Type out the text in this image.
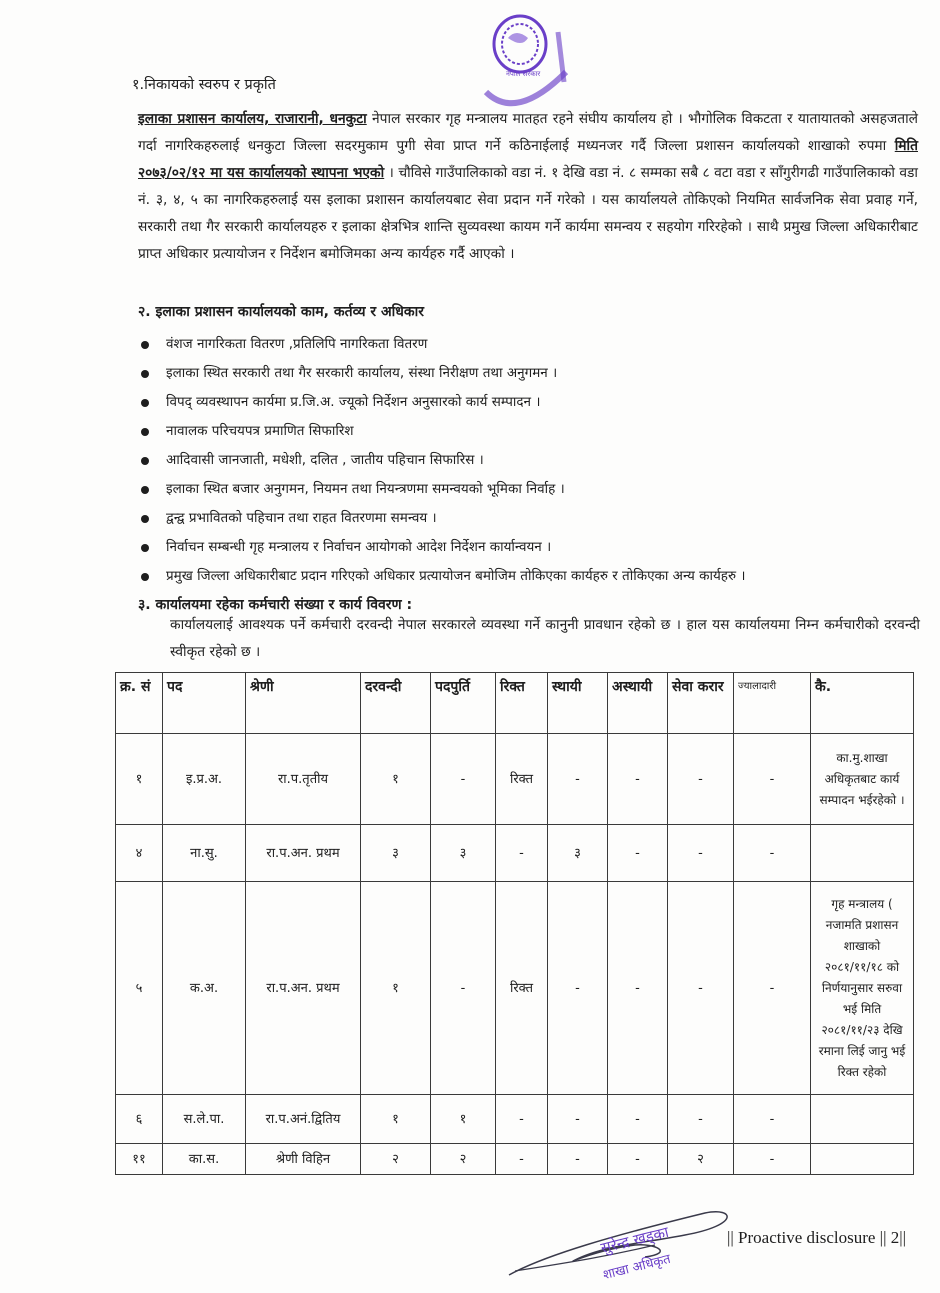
नेपाल सरकार
१.निकायको स्वरुप र प्रकृति
इलाका प्रशासन कार्यालय, राजारानी, धनकुटा नेपाल सरकार गृह मन्त्रालय मातहत रहने संघीय कार्यालय हो । भौगोलिक विकटता र यातायातको असहजताले गर्दा नागरिकहरुलाई धनकुटा जिल्ला सदरमुकाम पुगी सेवा प्राप्त गर्ने कठिनाईलाई मध्यनजर गर्दै जिल्ला प्रशासन कार्यालयको शाखाको रुपमा मिति २०७३/०२/१२ मा यस कार्यालयको स्थापना भएको । चौविसे गाउँपालिकाको वडा नं. १ देखि वडा नं. ८ सम्मका सबै ८ वटा वडा र साँगुरीगढी गाउँपालिकाको वडा नं. ३, ४, ५ का नागरिकहरुलाई यस इलाका प्रशासन कार्यालयबाट सेवा प्रदान गर्ने गरेको । यस कार्यालयले तोकिएको नियमित सार्वजनिक सेवा प्रवाह गर्ने, सरकारी तथा गैर सरकारी कार्यालयहरु र इलाका क्षेत्रभित्र शान्ति सुव्यवस्था कायम गर्ने कार्यमा समन्वय र सहयोग गरिरहेको । साथै प्रमुख जिल्ला अधिकारीबाट प्राप्त अधिकार प्रत्यायोजन र निर्देशन बमोजिमका अन्य कार्यहरु गर्दै आएको ।
२. इलाका प्रशासन कार्यालयको काम, कर्तव्य र अधिकार
वंशज नागरिकता वितरण ,प्रतिलिपि नागरिकता वितरण
इलाका स्थित सरकारी तथा गैर सरकारी कार्यालय, संस्था निरीक्षण तथा अनुगमन ।
विपद् व्यवस्थापन कार्यमा प्र.जि.अ. ज्यूको निर्देशन अनुसारको कार्य सम्पादन ।
नावालक परिचयपत्र प्रमाणित सिफारिश
आदिवासी जानजाती, मधेशी, दलित , जातीय पहिचान सिफारिस ।
इलाका स्थित बजार अनुगमन, नियमन तथा नियन्त्रणमा समन्वयको भूमिका निर्वाह ।
द्वन्द्व प्रभावितको पहिचान तथा राहत वितरणमा समन्वय ।
निर्वाचन सम्बन्धी गृह मन्त्रालय र निर्वाचन आयोगको आदेश निर्देशन कार्यान्वयन ।
प्रमुख जिल्ला अधिकारीबाट प्रदान गरिएको अधिकार प्रत्यायोजन बमोजिम तोकिएका कार्यहरु र तोकिएका अन्य कार्यहरु ।
३. कार्यालयमा रहेका कर्मचारी संख्या र कार्य विवरण :
कार्यालयलाई आवश्यक पर्ने कर्मचारी दरवन्दी नेपाल सरकारले व्यवस्था गर्ने कानुनी प्रावधान रहेको छ । हाल यस कार्यालयमा निम्न कर्मचारीको दरवन्दी स्वीकृत रहेको छ ।
क्र. सं	पद	श्रेणी	दरवन्दी	पदपुर्ति	रिक्त	स्थायी	अस्थायी	सेवा करार	ज्यालादारी	कै.
१	इ.प्र.अ.	रा.प.तृतीय	१	-	रिक्त	-	-	-	-	का.मु.शाखा अधिकृतबाट कार्य सम्पादन भईरहेको ।
४	ना.सु.	रा.प.अन. प्रथम	३	३	-	३	-	-	-	
५	क.अ.	रा.प.अन. प्रथम	१	-	रिक्त	-	-	-	-	गृह मन्त्रालय ( नजामति प्रशासन शाखाको २०८१/११/१८ को निर्णयानुसार सरुवा भई मिति २०८१/११/२३ देखि रमाना लिई जानु भई रिक्त रहेको
६	स.ले.पा.	रा.प.अनं.द्वितिय	१	१	-	-	-	-	-	
११	का.स.	श्रेणी विहिन	२	२	-	-	-	२	-	
सुरेन्द्र खड्का
शाखा अधिकृत
|| Proactive disclosure || 2||
